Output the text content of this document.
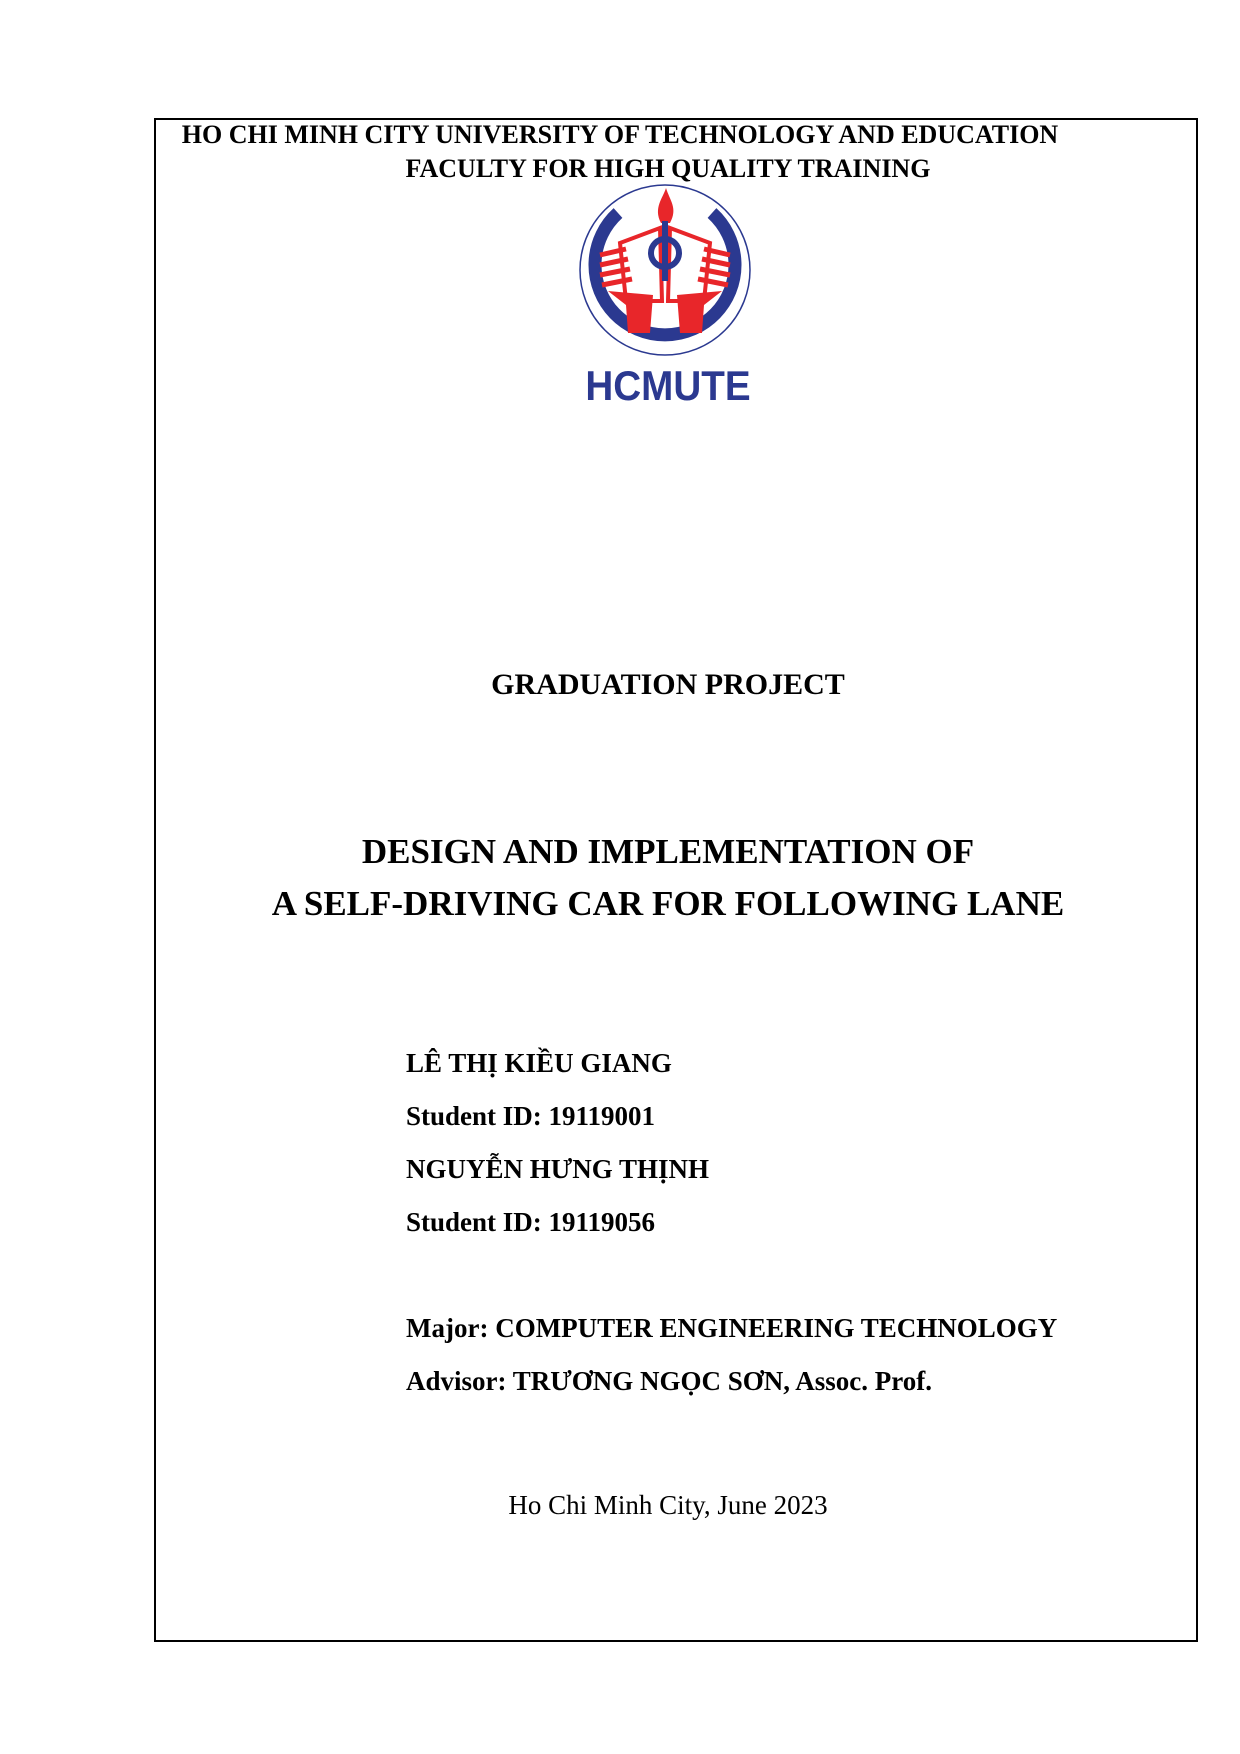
HO CHI MINH CITY UNIVERSITY OF TECHNOLOGY AND EDUCATION
FACULTY FOR HIGH QUALITY TRAINING
HCMUTE
GRADUATION PROJECT
DESIGN AND IMPLEMENTATION OF
A SELF-DRIVING CAR FOR FOLLOWING LANE
LÊ THỊ KIỀU GIANG
Student ID: 19119001
NGUYỄN HƯNG THỊNH
Student ID: 19119056
Major: COMPUTER ENGINEERING TECHNOLOGY
Advisor: TRƯƠNG NGỌC SƠN, Assoc. Prof.
Ho Chi Minh City, June 2023
